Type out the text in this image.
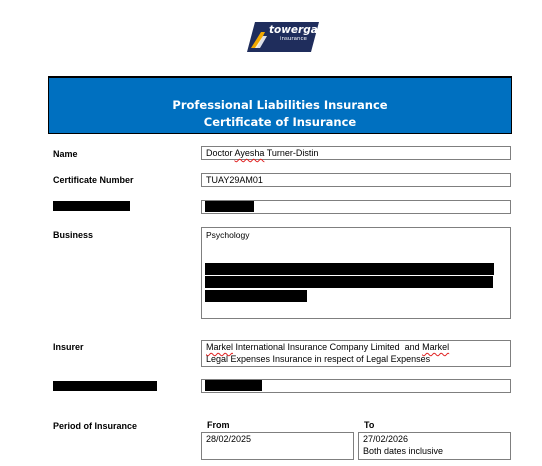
towergate
insurance
Professional Liabilities Insurance
Certificate of Insurance
Name	Doctor Ayesha Turner-Distin
Certificate Number	TUAY29AM01
Business	Psychology
Insurer	Markel International Insurance Company Limited  and Markel
Legal Expenses Insurance in respect of Legal Expenses
Period of Insurance	From	To
28/02/2025	27/02/2026
Both dates inclusive
